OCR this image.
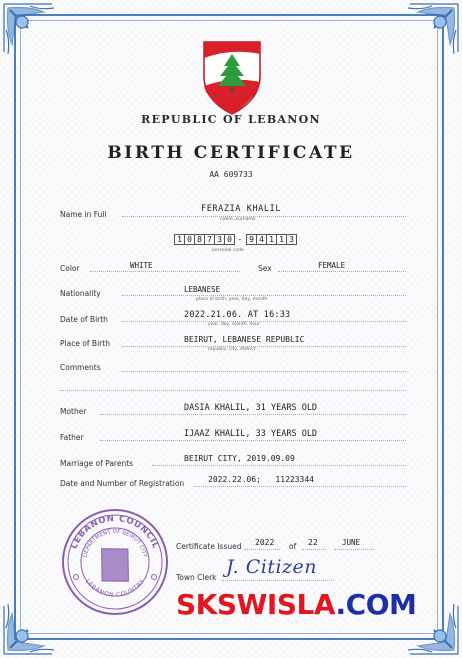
REPUBLIC OF LEBANON
BIRTH CERTIFICATE
AA 609733
Name in Full
FERAZIA KHALIL
name, surname
1 0 8 7 3 0 - 9 4 1 1 3
personal code
Color	WHITE	Sex	FEMALE
Nationality	LEBANESE
place of birth, year, day, month
Date of Birth	2022.21.06. AT 16:33
year, day, month, hour
Place of Birth	BEIRUT, LEBANESE REPUBLIC
republic, city, district
Comments
Mother	DASIA KHALIL, 31 YEARS OLD
Father	IJAAZ KHALIL, 33 YEARS OLD
Marriage of Parents
BEIRUT CITY, 2019.09.09
Date and Number of Registration	2022.22.06;   11223344
LEBANON COUNCIL
DEPARTMENT OF BEIRUT CITY
LEBANON COUNTRY
Certificate Issued 2022 of 22	JUNE
Town Clerk J. Citizen
SKSWISLA.COM
